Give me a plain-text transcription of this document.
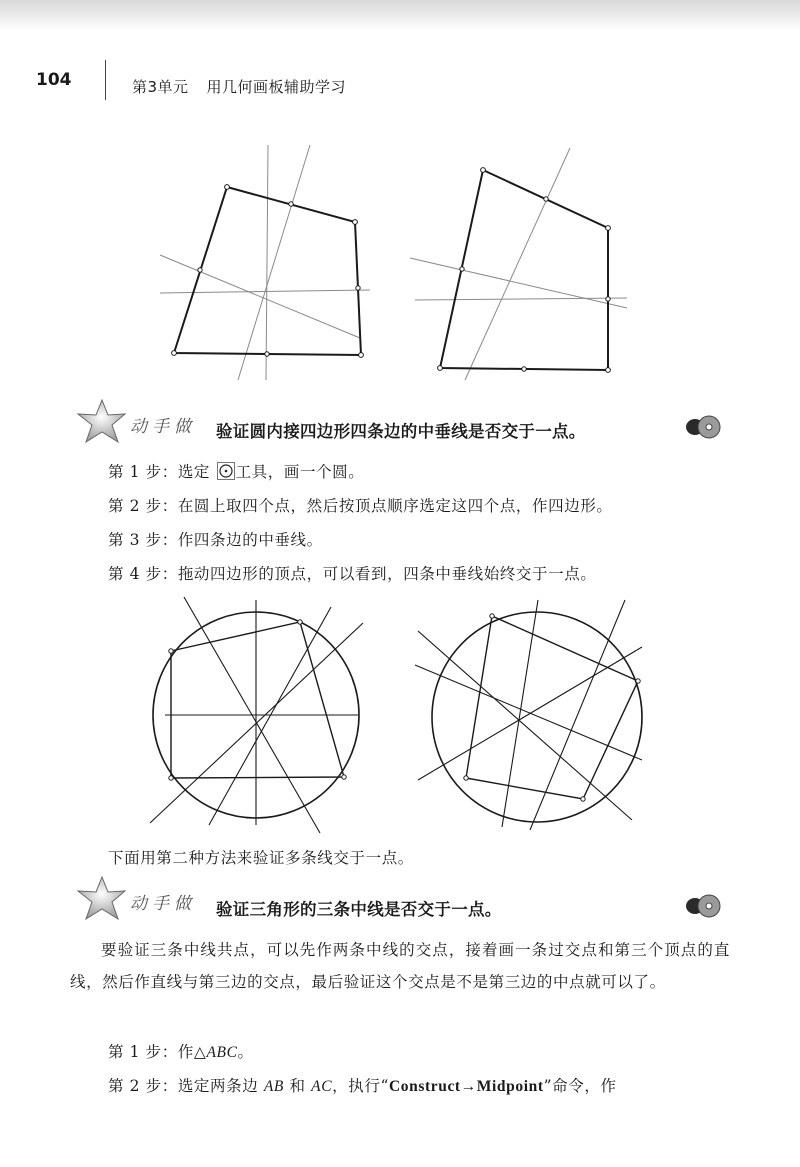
104	第3单元 用几何画板辅助学习
动手做 验证圆内接四边形四条边的中垂线是否交于一点。
第 1 步：选定 工具，画一个圆。
第 2 步：在圆上取四个点，然后按顶点顺序选定这四个点，作四边形。
第 3 步：作四条边的中垂线。
第 4 步：拖动四边形的顶点，可以看到，四条中垂线始终交于一点。
下面用第二种方法来验证多条线交于一点。
动手做 验证三角形的三条中线是否交于一点。
要验证三条中线共点，可以先作两条中线的交点，接着画一条过交点和第三个顶点的直线，然后作直线与第三边的交点，最后验证这个交点是不是第三边的中点就可以了。
第 1 步：作△ABC。
第 2 步：选定两条边 AB 和 AC，执行“Construct→Midpoint”命令，作
